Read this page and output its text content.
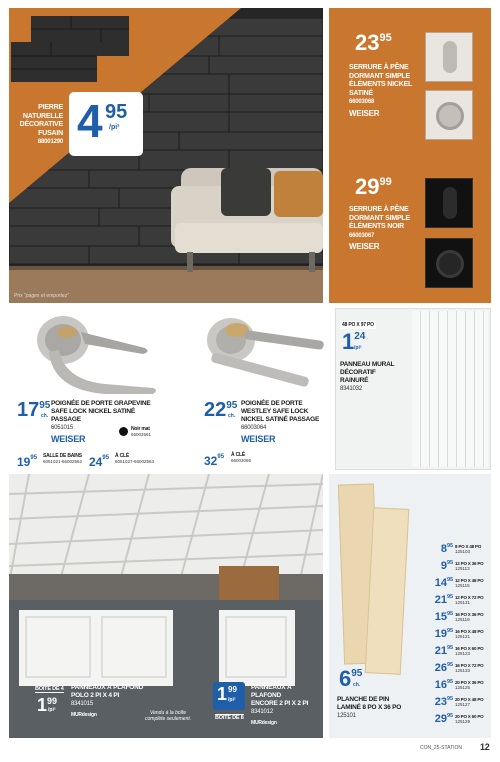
Prix "pages et emportez"
PIERRE
NATURELLE
DÉCORATIVE
FUSAIN
88001290 4 95
/pi²
$23^{95}$
SERRURE À PÊNE
DORMANT SIMPLE
ÉLÉMENTS NICKEL
SATINÉ
66003068
WEISER
$29^{99}$
SERRURE À PÊNE
DORMANT SIMPLE
ÉLÉMENTS NOIR
66003067
WEISER
$17^{95}$
ch.
POIGNÉE DE PORTE GRAPEVINE
SAFE LOCK NICKEL SATINÉ
PASSAGE
6051015
WEISER
Noir mat
66002561
$19^{95}$ SALLE DE BAINS
6051021-66002562 $24^{95}$ À CLÉ
6051027-66002563
$22^{95}$
ch.
POIGNÉE DE PORTE
WESTLEY SAFE LOCK
NICKEL SATINÉ PASSAGE
66003064
WEISER
$32^{95}$ À CLÉ
66003066
48 PO X 97 PO
$1^{24}$
/pi²
PANNEAU MURAL
DÉCORATIF
RAINURÉ
8341032
BOÎTE DE 4
$1^{99}$
/pi²
PANNEAUX À PLAFOND
POLO 2 PI X 4 PI
8341015
MURdesign	Vendu à la boîte
complète seulement.
1 99
/pi²
BOÎTE DE 8
PANNEAUX À PLAFOND
ENCORE 2 PI X 2 PI
8341012
MURdesign
$6^{95}$
ch.
PLANCHE DE PIN
LAMINÉ 8 PO X 36 PO
125101
8 95 8 PO X 48 PO
125103
9 95 12 PO X 36 PO
125113
14 95 12 PO X 48 PO
125115
21 95 12 PO X 72 PO
125131
15 95 16 PO X 36 PO
125119
19 95 16 PO X 48 PO
125121
21 95 16 PO X 60 PO
125123
26 95 16 PO X 72 PO
125133
16 95 20 PO X 36 PO
125125
23 95 20 PO X 48 PO
125127
29 95 20 PO X 60 PO
125129
CON_25-STATION 12
